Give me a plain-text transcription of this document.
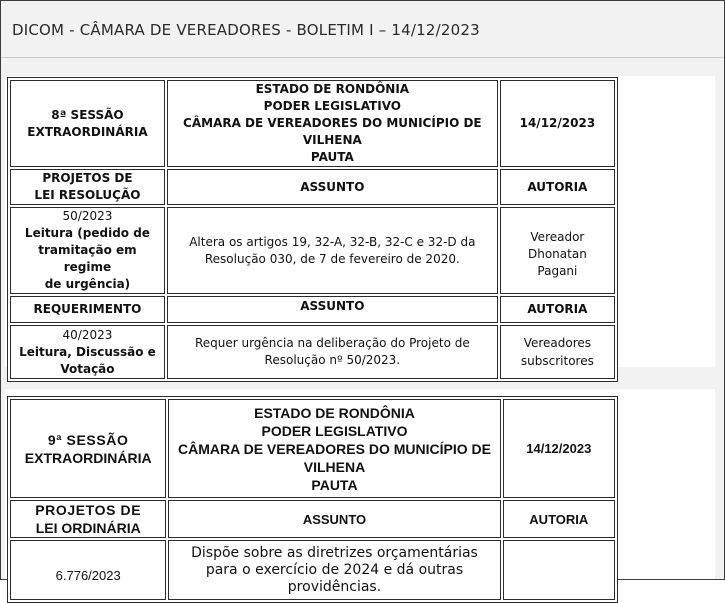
DICOM - CÂMARA DE VEREADORES - BOLETIM I – 14/12/2023
8ª SESSÃO
EXTRAORDINÁRIA	ESTADO DE RONDÔNIA
PODER LEGISLATIVO
CÂMARA DE VEREADORES DO MUNICÍPIO DE VILHENA
PAUTA	14/12/2023

PROJETOS DE
LEI RESOLUÇÃO	ASSUNTO	AUTORIA

50/2023
Leitura (pedido de
tramitação em regime
de urgência)	Altera os artigos 19, 32-A, 32-B, 32-C e 32-D da Resolução 030, de 7 de fevereiro de 2020.	Vereador
Dhonatan
Pagani

REQUERIMENTO	ASSUNTO	AUTORIA

40/2023
Leitura, Discussão e
Votação	Requer urgência na deliberação do Projeto de Resolução nº 50/2023.	Vereadores
subscritores
9ª SESSÃO
EXTRAORDINÁRIA	ESTADO DE RONDÔNIA
PODER LEGISLATIVO
CÂMARA DE VEREADORES DO MUNICÍPIO DE
VILHENA
PAUTA	14/12/2023

PROJETOS DE
LEI ORDINÁRIA	ASSUNTO	AUTORIA
6.776/2023	Dispõe sobre as diretrizes orçamentárias para o exercício de 2024 e dá outras providências.	
